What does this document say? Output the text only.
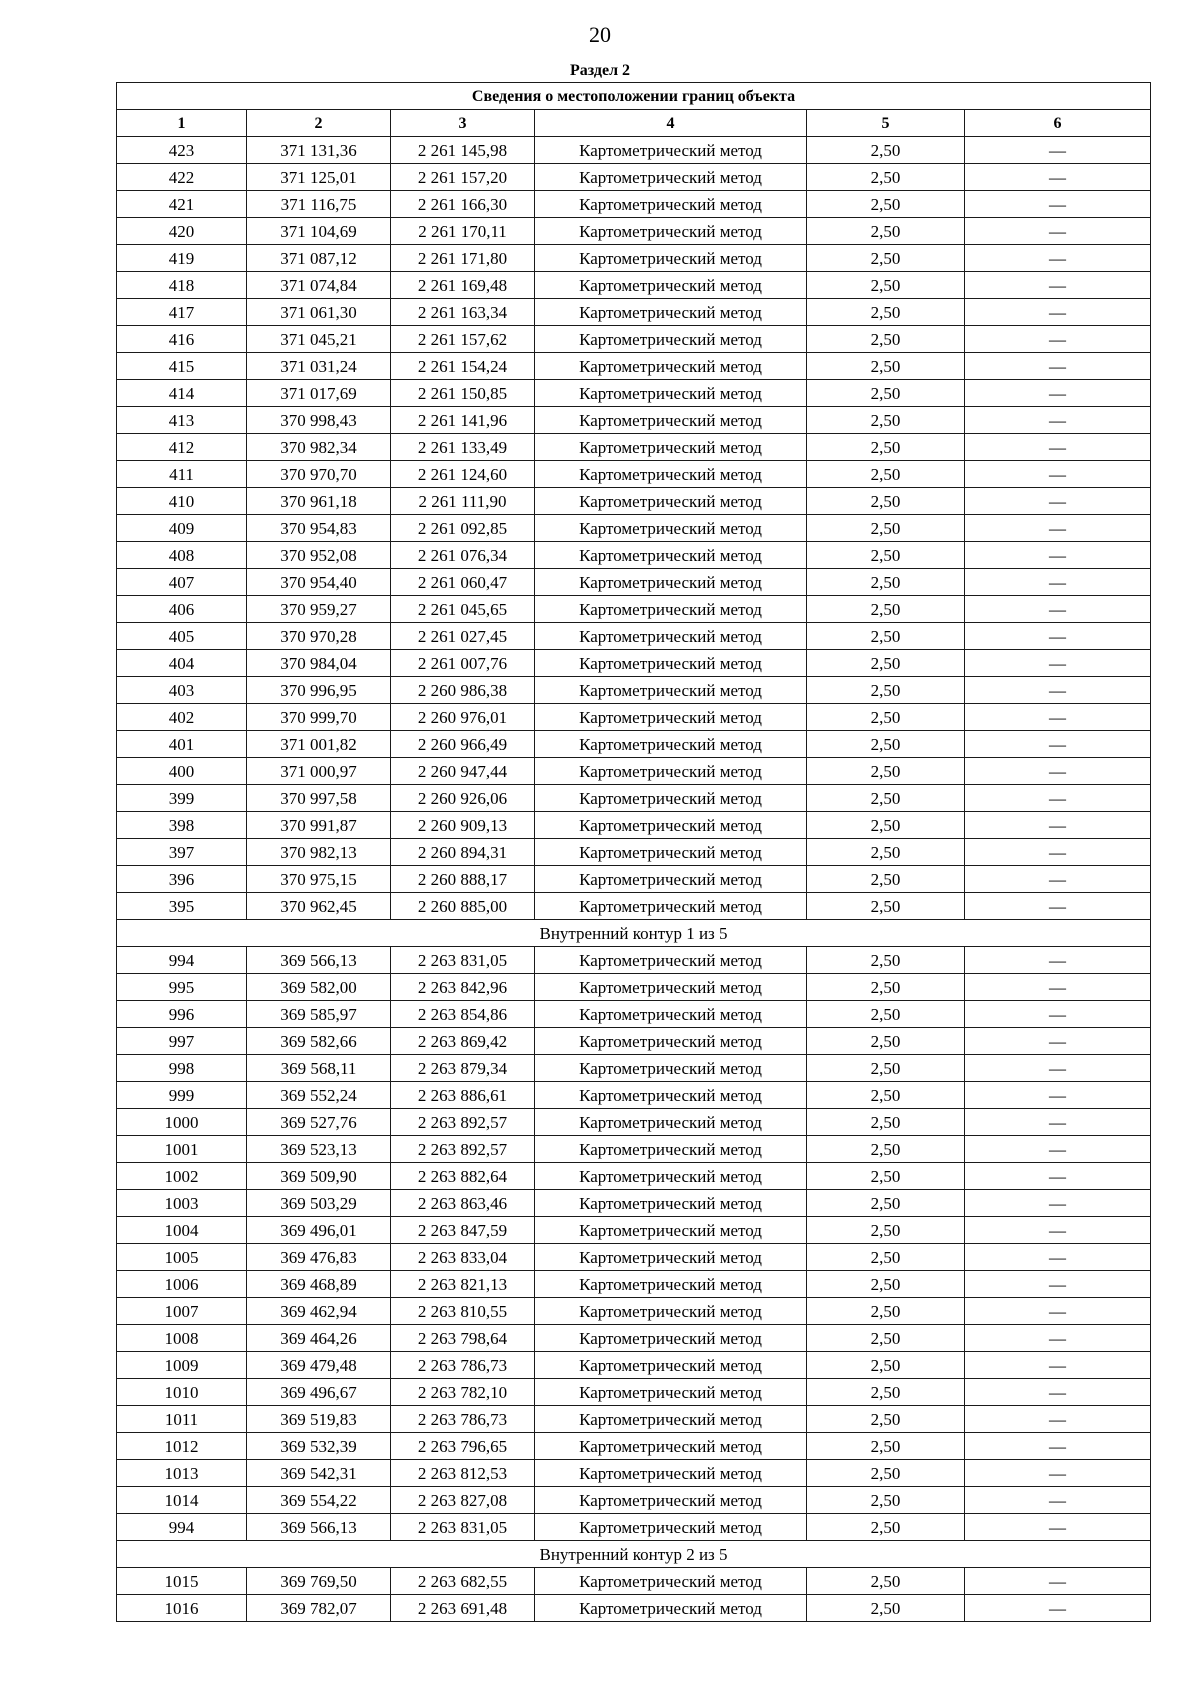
20
Раздел 2
Сведения о местоположении границ объекта					
1	2	3	4	5	6
423	371 131,36	2 261 145,98	Картометрический метод	2,50	—
422	371 125,01	2 261 157,20	Картометрический метод	2,50	—
421	371 116,75	2 261 166,30	Картометрический метод	2,50	—
420	371 104,69	2 261 170,11	Картометрический метод	2,50	—
419	371 087,12	2 261 171,80	Картометрический метод	2,50	—
418	371 074,84	2 261 169,48	Картометрический метод	2,50	—
417	371 061,30	2 261 163,34	Картометрический метод	2,50	—
416	371 045,21	2 261 157,62	Картометрический метод	2,50	—
415	371 031,24	2 261 154,24	Картометрический метод	2,50	—
414	371 017,69	2 261 150,85	Картометрический метод	2,50	—
413	370 998,43	2 261 141,96	Картометрический метод	2,50	—
412	370 982,34	2 261 133,49	Картометрический метод	2,50	—
411	370 970,70	2 261 124,60	Картометрический метод	2,50	—
410	370 961,18	2 261 111,90	Картометрический метод	2,50	—
409	370 954,83	2 261 092,85	Картометрический метод	2,50	—
408	370 952,08	2 261 076,34	Картометрический метод	2,50	—
407	370 954,40	2 261 060,47	Картометрический метод	2,50	—
406	370 959,27	2 261 045,65	Картометрический метод	2,50	—
405	370 970,28	2 261 027,45	Картометрический метод	2,50	—
404	370 984,04	2 261 007,76	Картометрический метод	2,50	—
403	370 996,95	2 260 986,38	Картометрический метод	2,50	—
402	370 999,70	2 260 976,01	Картометрический метод	2,50	—
401	371 001,82	2 260 966,49	Картометрический метод	2,50	—
400	371 000,97	2 260 947,44	Картометрический метод	2,50	—
399	370 997,58	2 260 926,06	Картометрический метод	2,50	—
398	370 991,87	2 260 909,13	Картометрический метод	2,50	—
397	370 982,13	2 260 894,31	Картометрический метод	2,50	—
396	370 975,15	2 260 888,17	Картометрический метод	2,50	—
395	370 962,45	2 260 885,00	Картометрический метод	2,50	—
Внутренний контур 1 из 5					
994	369 566,13	2 263 831,05	Картометрический метод	2,50	—
995	369 582,00	2 263 842,96	Картометрический метод	2,50	—
996	369 585,97	2 263 854,86	Картометрический метод	2,50	—
997	369 582,66	2 263 869,42	Картометрический метод	2,50	—
998	369 568,11	2 263 879,34	Картометрический метод	2,50	—
999	369 552,24	2 263 886,61	Картометрический метод	2,50	—
1000	369 527,76	2 263 892,57	Картометрический метод	2,50	—
1001	369 523,13	2 263 892,57	Картометрический метод	2,50	—
1002	369 509,90	2 263 882,64	Картометрический метод	2,50	—
1003	369 503,29	2 263 863,46	Картометрический метод	2,50	—
1004	369 496,01	2 263 847,59	Картометрический метод	2,50	—
1005	369 476,83	2 263 833,04	Картометрический метод	2,50	—
1006	369 468,89	2 263 821,13	Картометрический метод	2,50	—
1007	369 462,94	2 263 810,55	Картометрический метод	2,50	—
1008	369 464,26	2 263 798,64	Картометрический метод	2,50	—
1009	369 479,48	2 263 786,73	Картометрический метод	2,50	—
1010	369 496,67	2 263 782,10	Картометрический метод	2,50	—
1011	369 519,83	2 263 786,73	Картометрический метод	2,50	—
1012	369 532,39	2 263 796,65	Картометрический метод	2,50	—
1013	369 542,31	2 263 812,53	Картометрический метод	2,50	—
1014	369 554,22	2 263 827,08	Картометрический метод	2,50	—
994	369 566,13	2 263 831,05	Картометрический метод	2,50	—
Внутренний контур 2 из 5					
1015	369 769,50	2 263 682,55	Картометрический метод	2,50	—
1016	369 782,07	2 263 691,48	Картометрический метод	2,50	—
